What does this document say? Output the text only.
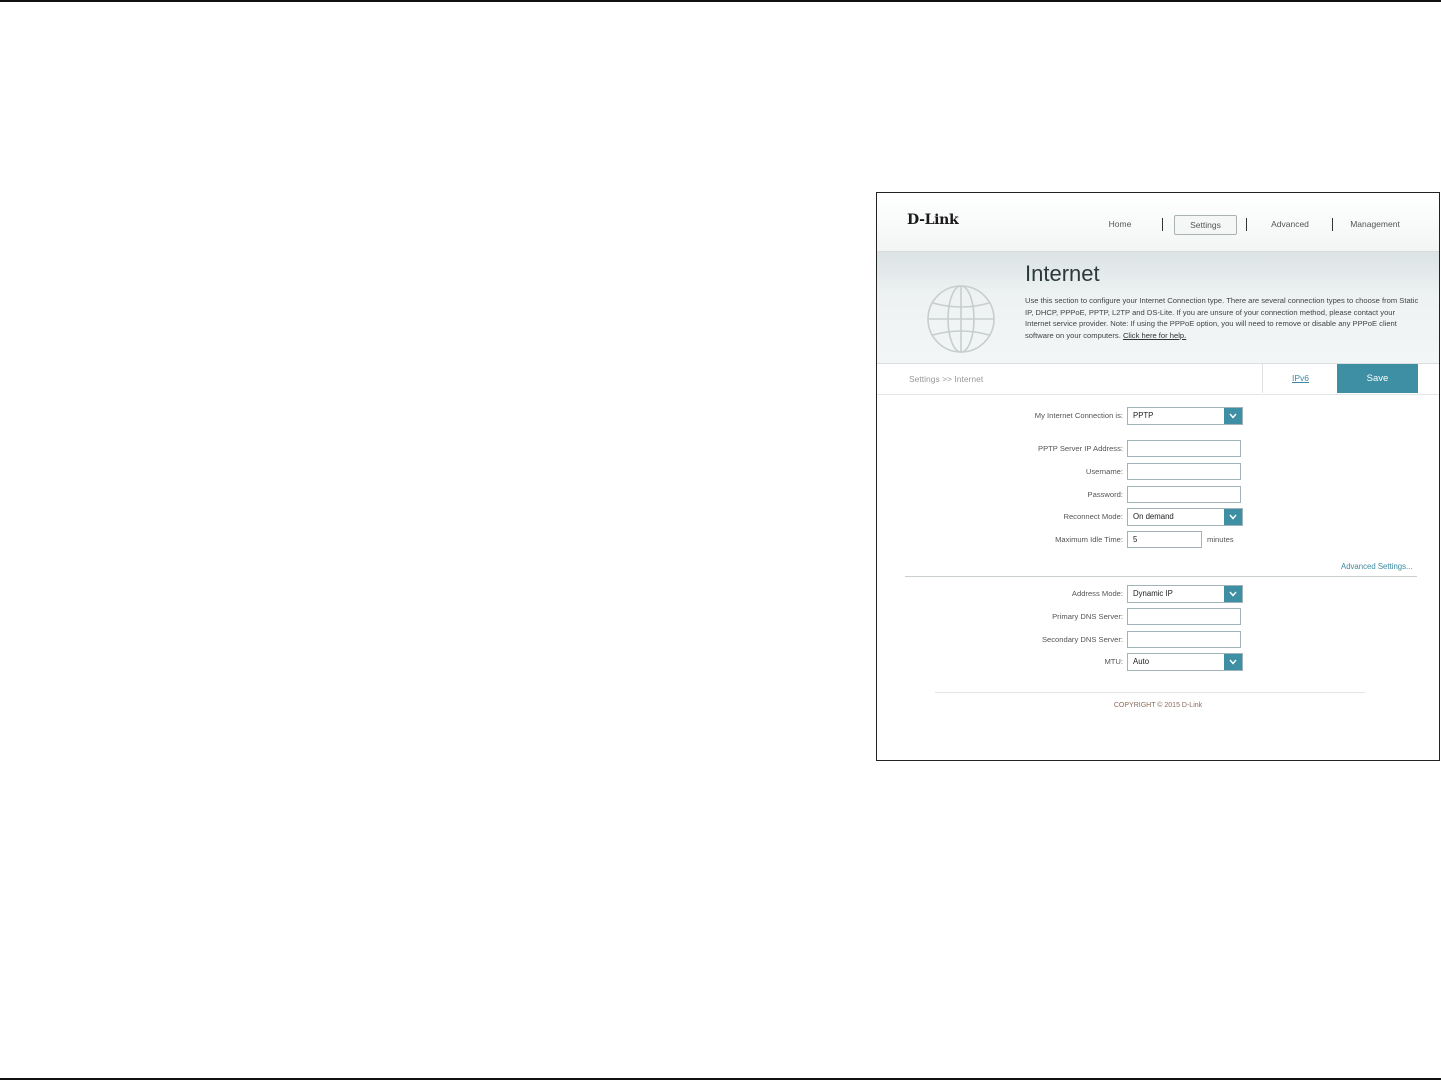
D-Link	Home	Settings	Advanced	Management
Internet
Use this section to configure your Internet Connection type. There are several connection types to choose from Static IP, DHCP, PPPoE, PPTP, L2TP and DS-Lite. If you are unsure of your connection method, please contact your Internet service provider. Note: If using the PPPoE option, you will need to remove or disable any PPPoE client software on your computers. Click here for help.
Settings >> Internet	IPv6	Save
My Internet Connection is: PPTP
PPTP Server IP Address:
Username:
Password:
Reconnect Mode: On demand
Maximum Idle Time:	5	minutes
Advanced Settings...
Address Mode: Dynamic IP
Primary DNS Server:
Secondary DNS Server:
MTU: Auto
COPYRIGHT © 2015 D-Link
